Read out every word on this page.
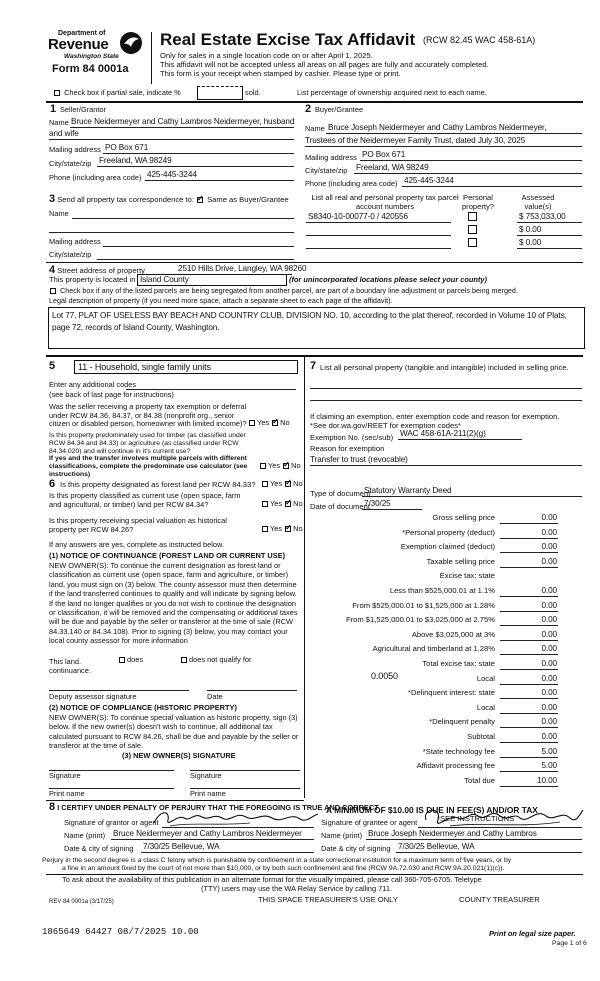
Department of
Revenue
Washington State
Form 84 0001a
Real Estate Excise Tax Affidavit (RCW 82.45 WAC 458-61A)
Only for sales in a single location code on or after April 1, 2025.
This affidavit will not be accepted unless all areas on all pages are fully and accurately completed.
This form is your receipt when stamped by cashier. Please type or print.
Check box if partial sale, indicate %	sold.	List percentage of ownership acquired next to each name.
1 Seller/Grantor
Name Bruce Neidermeyer and Cathy Lambros Neidermeyer, husband
and wife
Mailing address PO Box 671
City/state/zip Freeland, WA 98249
Phone (including area code) 425-445-3244
2 Buyer/Grantee
Name Bruce Joseph Neidermeyer and Cathy Lambros Neidermeyer,
Trustees of the Neidermeyer Family Trust, dated July 30, 2025
Mailing address PO Box 671
City/state/zip Freeland, WA 98249
Phone (including area code) 425-445-3244
3 Send all property tax correspondence to: ✓ Same as Buyer/Grantee
Name
Mailing address
City/state/zip
List all real and personal property tax parcel account numbers
Personal property?
Assessed value(s)
S8340-10-00077-0 / 420556	$ 753,033.00
$ 0.00
$ 0.00
4 Street address of property	2510 Hills Drive, Langley, WA 98260
This property is located in Island County	(for unincorporated locations please select your county)
Check box if any of the listed parcels are being segregated from another parcel, are part of a boundary line adjustment or parcels being merged.
Legal description of property (if you need more space, attach a separate sheet to each page of the affidavit).
Lot 77, PLAT OF USELESS BAY BEACH AND COUNTRY CLUB, DIVISION NO. 10, according to the plat thereof, recorded in Volume 10 of Plats, page 72, records of Island County, Washington.
5	11 - Household, single family units
Enter any additional codes
(see back of last page for instructions)
Was the seller receiving a property tax exemption or deferral under RCW 84.36, 84.37, or 84.38 (nonprofit org., senior citizen or disabled person, homeowner with limited income)?	Yes ✓ No
Is this property predominately used for timber (as classified under RCW 84.34 and 84.33) or agriculture (as classified under RCW 84.34.020) and will continue in it's current use?
If yes and the transfer involves multiple parcels with different classifications, complete the predominate use calculator (see instructions)
Yes ✓ No
6 Is this property designated as forest land per RCW 84.33?	Yes ✓ No
Is this property classified as current use (open space, farm and agricultural, or timber) land per RCW 84.34?	Yes ✓ No
Is this property receiving special valuation as historical property per RCW 84.26?	Yes ✓ No
If any answers are yes, complete as instructed below.
(1) NOTICE OF CONTINUANCE (FOREST LAND OR CURRENT USE)
NEW OWNER(S): To continue the current designation as forest land or classification as current use (open space, farm and agriculture, or timber) land, you must sign on (3) below. The county assessor must then determine if the land transferred continues to qualify and will indicate by signing below. If the land no longer qualifies or you do not wish to continue the designation or classification, it will be removed and the compensating or additional taxes will be due and payable by the seller or transferor at the time of sale (RCW 84.33.140 or 84.34.108). Prior to signing (3) below, you may contact your local county assessor for more information
This land.
continuance.
does	does not qualify for
Deputy assessor signature	Date
(2) NOTICE OF COMPLIANCE (HISTORIC PROPERTY)
NEW OWNER(S): To continue special valuation as historic property, sign (3) below. If the new owner(s) doesn't wish to continue, all additional tax calculated pursuant to RCW 84.26, shall be due and payable by the seller or transferor at the time of sale.
(3) NEW OWNER(S) SIGNATURE
Signature	Signature
Print name	Print name
7 List all personal property (tangible and intangible) included in selling price.
If claiming an exemption, enter exemption code and reason for exemption. *See dor.wa.gov/REET for exemption codes*
Exemption No. (sec/sub) WAC 458-61A-211(2)(g)
Reason for exemption
Transfer to trust (revocable)
Type of document
Statutory Warranty Deed
Date of document
7/30/25
Gross selling price	0.00
*Personal property (deduct)	0.00
Exemption claimed (deduct)	0.00
Taxable selling price	0.00
Excise tax: state
Less than $525,000.01 at 1.1%	0.00
From $525,000.01 to $1,525,000 at 1.28%	0.00
From $1,525,000.01 to $3,025,000 at 2.75%	0.00
Above $3,025,000 at 3%	0.00
Agricultural and timberland at 1.28%	0.00
Total excise tax: state	0.00
Local	0.00
*Delinquent interest: state	0.00
Local	0.00
*Delinquent penalty	0.00
Subtotal	0.00
*State technology fee	5.00
Affidavit processing fee	5.00
Total due	10.00
0.0050
A MINIMUM OF $10.00 IS DUE IN FEE(S) AND/OR TAX
*SEE INSTRUCTIONS
8 I CERTIFY UNDER PENALTY OF PERJURY THAT THE FOREGOING IS TRUE AND CORRECT
Signature of grantor or agent	Signature of grantee or agent
Name (print) Bruce Neidermeyer and Cathy Lambros Neidermeyer	Name (print) Bruce Joseph Neidermeyer and Cathy Lambros
Date & city of signing 7/30/25 Bellevue, WA	Date & city of signing 7/30/25 Bellevue, WA
Perjury in the second degree is a class C felony which is punishable by confinement in a state correctional institution for a maximum term of five years, or by
a fine in an amount fixed by the court of not more than $10,000, or by both such confinement and fine (RCW 9A.72.030 and RCW 9A.20.021(1)(c)).
To ask about the availability of this publication in an alternate format for the visually impaired, please call 360-705-6705. Teletype
(TTY) users may use the WA Relay Service by calling 711.
REV 84 0001a (3/17/25)	THIS SPACE TREASURER'S USE ONLY	COUNTY TREASURER
1865649 64427 08/7/2025 10.00	Print on legal size paper.
Page 1 of 6
